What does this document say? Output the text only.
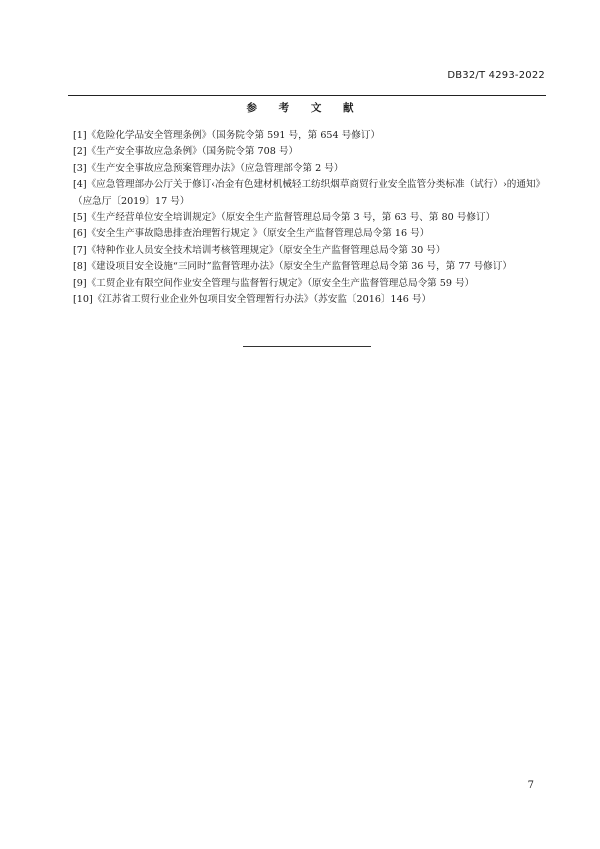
DB32/T 4293-2022
参 考 文 献
[1]《危险化学品安全管理条例》（国务院令第 591 号，第 654 号修订）
[2]《生产安全事故应急条例》（国务院令第 708 号）
[3]《生产安全事故应急预案管理办法》（应急管理部令第 2 号）
[4]《应急管理部办公厅关于修订‹冶金有色建材机械轻工纺织烟草商贸行业安全监管分类标准（试行）›的通知》（应急厅〔2019〕17 号）
[5]《生产经营单位安全培训规定》（原安全生产监督管理总局令第 3 号，第 63 号、第 80 号修订）
[6]《安全生产事故隐患排查治理暂行规定 》（原安全生产监督管理总局令第 16 号）
[7]《特种作业人员安全技术培训考核管理规定》（原安全生产监督管理总局令第 30 号）
[8]《建设项目安全设施“三同时”监督管理办法》（原安全生产监督管理总局令第 36 号，第 77 号修订）
[9]《工贸企业有限空间作业安全管理与监督暂行规定》（原安全生产监督管理总局令第 59 号）
[10]《江苏省工贸行业企业外包项目安全管理暂行办法》（苏安监〔2016〕146 号）
7
